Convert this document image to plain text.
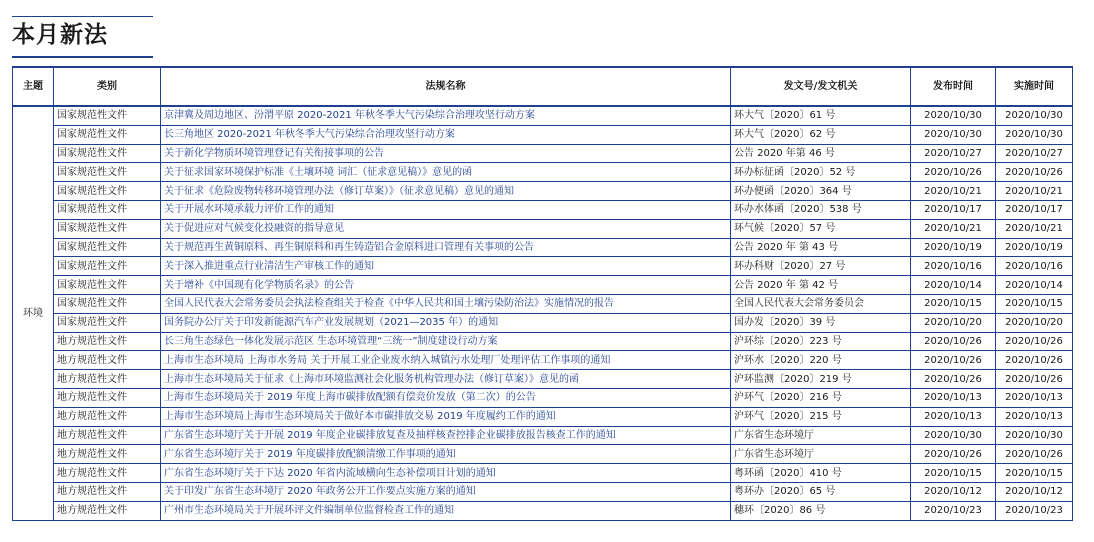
本月新法
主题	类别	法规名称	发文号/发文机关	发布时间	实施时间
环境	国家规范性文件	京津冀及周边地区、汾渭平原 2020-2021 年秋冬季大气污染综合治理攻坚行动方案	环大气〔2020〕61 号	2020/10/30	2020/10/30
	国家规范性文件	长三角地区 2020-2021 年秋冬季大气污染综合治理攻坚行动方案	环大气〔2020〕62 号	2020/10/30	2020/10/30
	国家规范性文件	关于新化学物质环境管理登记有关衔接事项的公告	公告 2020 年第 46 号	2020/10/27	2020/10/27
	国家规范性文件	关于征求国家环境保护标准《土壤环境 词汇（征求意见稿）》意见的函	环办标征函〔2020〕52 号	2020/10/26	2020/10/26
	国家规范性文件	关于征求《危险废物转移环境管理办法（修订草案）》（征求意见稿）意见的通知	环办便函〔2020〕364 号	2020/10/21	2020/10/21
	国家规范性文件	关于开展水环境承载力评价工作的通知	环办水体函〔2020〕538 号	2020/10/17	2020/10/17
	国家规范性文件	关于促进应对气候变化投融资的指导意见	环气候〔2020〕57 号	2020/10/21	2020/10/21
	国家规范性文件	关于规范再生黄铜原料、再生铜原料和再生铸造铝合金原料进口管理有关事项的公告	公告 2020 年 第 43 号	2020/10/19	2020/10/19
	国家规范性文件	关于深入推进重点行业清洁生产审核工作的通知	环办科财〔2020〕27 号	2020/10/16	2020/10/16
	国家规范性文件	关于增补《中国现有化学物质名录》的公告	公告 2020 年 第 42 号	2020/10/14	2020/10/14
	国家规范性文件	全国人民代表大会常务委员会执法检查组关于检查《中华人民共和国土壤污染防治法》实施情况的报告	全国人民代表大会常务委员会	2020/10/15	2020/10/15
	国家规范性文件	国务院办公厅关于印发新能源汽车产业发展规划（2021—2035 年）的通知	国办发〔2020〕39 号	2020/10/20	2020/10/20
	地方规范性文件	长三角生态绿色一体化发展示范区 生态环境管理“三统一”制度建设行动方案	沪环综〔2020〕223 号	2020/10/26	2020/10/26
	地方规范性文件	上海市生态环境局 上海市水务局 关于开展工业企业废水纳入城镇污水处理厂处理评估工作事项的通知	沪环水〔2020〕220 号	2020/10/26	2020/10/26
	地方规范性文件	上海市生态环境局关于征求《上海市环境监测社会化服务机构管理办法（修订草案）》意见的函	沪环监测〔2020〕219 号	2020/10/26	2020/10/26
	地方规范性文件	上海市生态环境局关于 2019 年度上海市碳排放配额有偿竞价发放（第二次）的公告	沪环气〔2020〕216 号	2020/10/13	2020/10/13
	地方规范性文件	上海市生态环境局上海市生态环境局关于做好本市碳排放交易 2019 年度履约工作的通知	沪环气〔2020〕215 号	2020/10/13	2020/10/13
	地方规范性文件	广东省生态环境厅关于开展 2019 年度企业碳排放复查及抽样核查控排企业碳排放报告核查工作的通知	广东省生态环境厅	2020/10/30	2020/10/30
	地方规范性文件	广东省生态环境厅关于 2019 年度碳排放配额清缴工作事项的通知	广东省生态环境厅	2020/10/26	2020/10/26
	地方规范性文件	广东省生态环境厅关于下达 2020 年省内流域横向生态补偿项目计划的通知	粤环函〔2020〕410 号	2020/10/15	2020/10/15
	地方规范性文件	关于印发广东省生态环境厅 2020 年政务公开工作要点实施方案的通知	粤环办〔2020〕65 号	2020/10/12	2020/10/12
	地方规范性文件	广州市生态环境局关于开展环评文件编制单位监督检查工作的通知	穗环〔2020〕86 号	2020/10/23	2020/10/23
